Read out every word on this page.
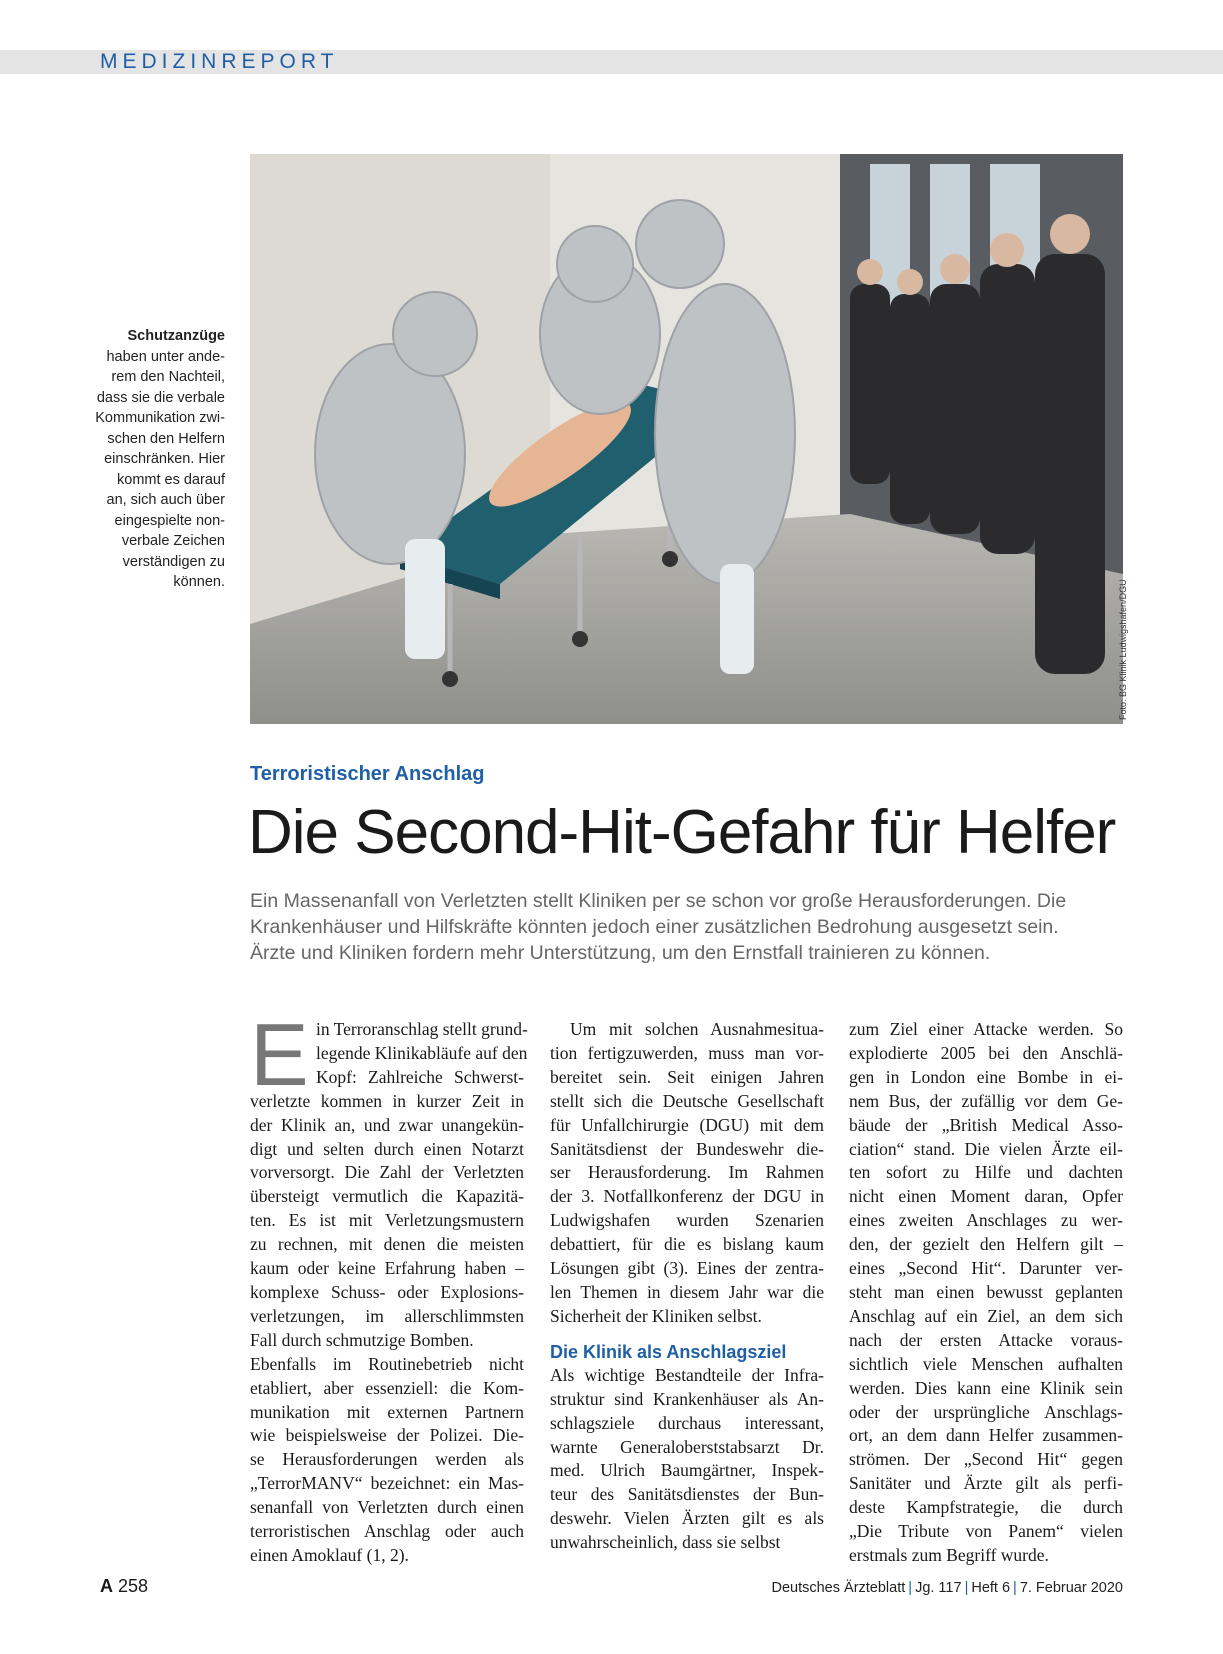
MEDIZINREPORT
Schutzanzüge
haben unter ande-
rem den Nachteil,
dass sie die verbale
Kommunikation zwi-
schen den Helfern
einschränken. Hier
kommt es darauf
an, sich auch über
eingespielte non-
verbale Zeichen
verständigen zu
können.	Foto: BG Klinik Ludwigshafen/DGU
Terroristischer Anschlag
Die Second-Hit-Gefahr für Helfer
Ein Massenanfall von Verletzten stellt Kliniken per se schon vor große Herausforderungen. Die
Krankenhäuser und Hilfskräfte könnten jedoch einer zusätzlichen Bedrohung ausgesetzt sein.
Ärzte und Kliniken fordern mehr Unterstützung, um den Ernstfall trainieren zu können.
E in Terroranschlag stellt grund-
legende Klinikabläufe auf den
Kopf: Zahlreiche Schwerst-
verletzte kommen in kurzer Zeit in
der Klinik an, und zwar unangekün-
digt und selten durch einen Notarzt
vorversorgt. Die Zahl der Verletzten
übersteigt vermutlich die Kapazitä-
ten. Es ist mit Verletzungsmustern
zu rechnen, mit denen die meisten
kaum oder keine Erfahrung haben –
komplexe Schuss- oder Explosions-
verletzungen, im allerschlimmsten
Fall durch schmutzige Bomben.
Ebenfalls im Routinebetrieb nicht
etabliert, aber essenziell: die Kom-
munikation mit externen Partnern
wie beispielsweise der Polizei. Die-
se Herausforderungen werden als
„TerrorMANV“ bezeichnet: ein Mas-
senanfall von Verletzten durch einen
terroristischen Anschlag oder auch
einen Amoklauf (1, 2).
Um mit solchen Ausnahmesitua-
tion fertigzuwerden, muss man vor-
bereitet sein. Seit einigen Jahren
stellt sich die Deutsche Gesellschaft
für Unfallchirurgie (DGU) mit dem
Sanitätsdienst der Bundeswehr die-
ser Herausforderung. Im Rahmen
der 3. Notfallkonferenz der DGU in
Ludwigshafen wurden Szenarien
debattiert, für die es bislang kaum
Lösungen gibt (3). Eines der zentra-
len Themen in diesem Jahr war die
Sicherheit der Kliniken selbst.
Die Klinik als Anschlagsziel
Als wichtige Bestandteile der Infra-
struktur sind Krankenhäuser als An-
schlagsziele durchaus interessant,
warnte Generaloberststabsarzt Dr.
med. Ulrich Baumgärtner, Inspek-
teur des Sanitätsdienstes der Bun-
deswehr. Vielen Ärzten gilt es als
unwahrscheinlich, dass sie selbst
zum Ziel einer Attacke werden. So
explodierte 2005 bei den Anschlä-
gen in London eine Bombe in ei-
nem Bus, der zufällig vor dem Ge-
bäude der „British Medical Asso-
ciation“ stand. Die vielen Ärzte eil-
ten sofort zu Hilfe und dachten
nicht einen Moment daran, Opfer
eines zweiten Anschlages zu wer-
den, der gezielt den Helfern gilt –
eines „Second Hit“. Darunter ver-
steht man einen bewusst geplanten
Anschlag auf ein Ziel, an dem sich
nach der ersten Attacke voraus-
sichtlich viele Menschen aufhalten
werden. Dies kann eine Klinik sein
oder der ursprüngliche Anschlags-
ort, an dem dann Helfer zusammen-
strömen. Der „Second Hit“ gegen
Sanitäter und Ärzte gilt als perfi-
deste Kampfstrategie, die durch
„Die Tribute von Panem“ vielen
erstmals zum Begriff wurde.
A 258	Deutsches Ärzteblatt | Jg. 117 | Heft 6 | 7. Februar 2020
